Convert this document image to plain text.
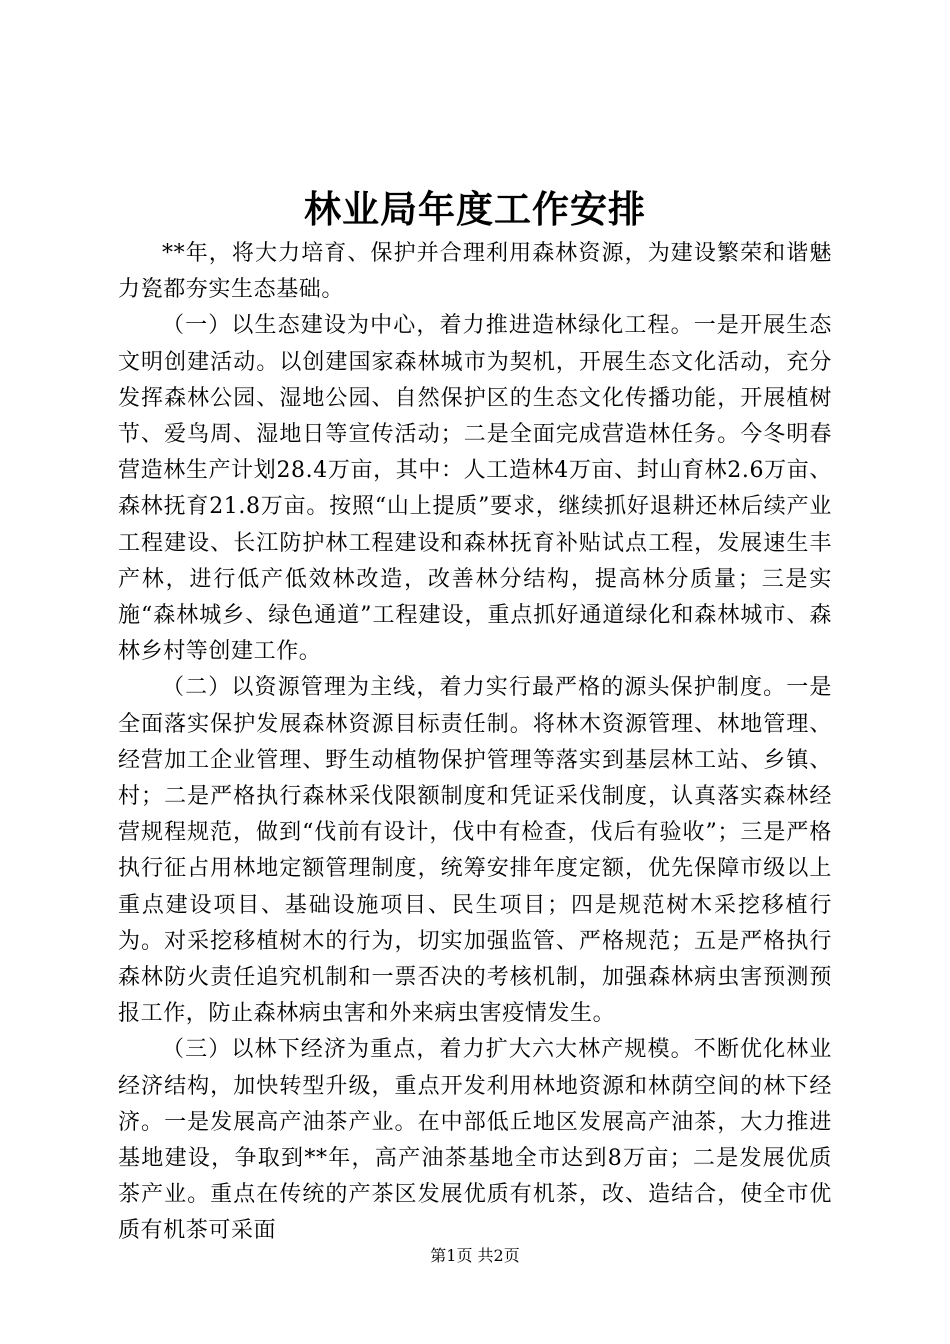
林业局年度工作安排

**年，将大力培育、保护并合理利用森林资源，为建设繁荣和谐魅力瓷都夯实生态基础。

（一）以生态建设为中心，着力推进造林绿化工程。一是开展生态文明创建活动。以创建国家森林城市为契机，开展生态文化活动，充分发挥森林公园、湿地公园、自然保护区的生态文化传播功能，开展植树节、爱鸟周、湿地日等宣传活动；二是全面完成营造林任务。今冬明春营造林生产计划28.4万亩，其中：人工造林4万亩、封山育林2.6万亩、森林抚育21.8万亩。按照“山上提质”要求，继续抓好退耕还林后续产业工程建设、长江防护林工程建设和森林抚育补贴试点工程，发展速生丰产林，进行低产低效林改造，改善林分结构，提高林分质量；三是实施“森林城乡、绿色通道”工程建设，重点抓好通道绿化和森林城市、森林乡村等创建工作。

（二）以资源管理为主线，着力实行最严格的源头保护制度。一是全面落实保护发展森林资源目标责任制。将林木资源管理、林地管理、经营加工企业管理、野生动植物保护管理等落实到基层林工站、乡镇、村；二是严格执行森林采伐限额制度和凭证采伐制度，认真落实森林经营规程规范，做到“伐前有设计，伐中有检查，伐后有验收”；三是严格执行征占用林地定额管理制度，统筹安排年度定额，优先保障市级以上重点建设项目、基础设施项目、民生项目；四是规范树木采挖移植行为。对采挖移植树木的行为，切实加强监管、严格规范；五是严格执行森林防火责任追究机制和一票否决的考核机制，加强森林病虫害预测预报工作，防止森林病虫害和外来病虫害疫情发生。

（三）以林下经济为重点，着力扩大六大林产规模。不断优化林业经济结构，加快转型升级，重点开发利用林地资源和林荫空间的林下经济。一是发展高产油茶产业。在中部低丘地区发展高产油茶，大力推进基地建设，争取到**年，高产油茶基地全市达到8万亩；二是发展优质茶产业。重点在传统的产茶区发展优质有机茶，改、造结合，使全市优质有机茶可采面

第1页 共2页
